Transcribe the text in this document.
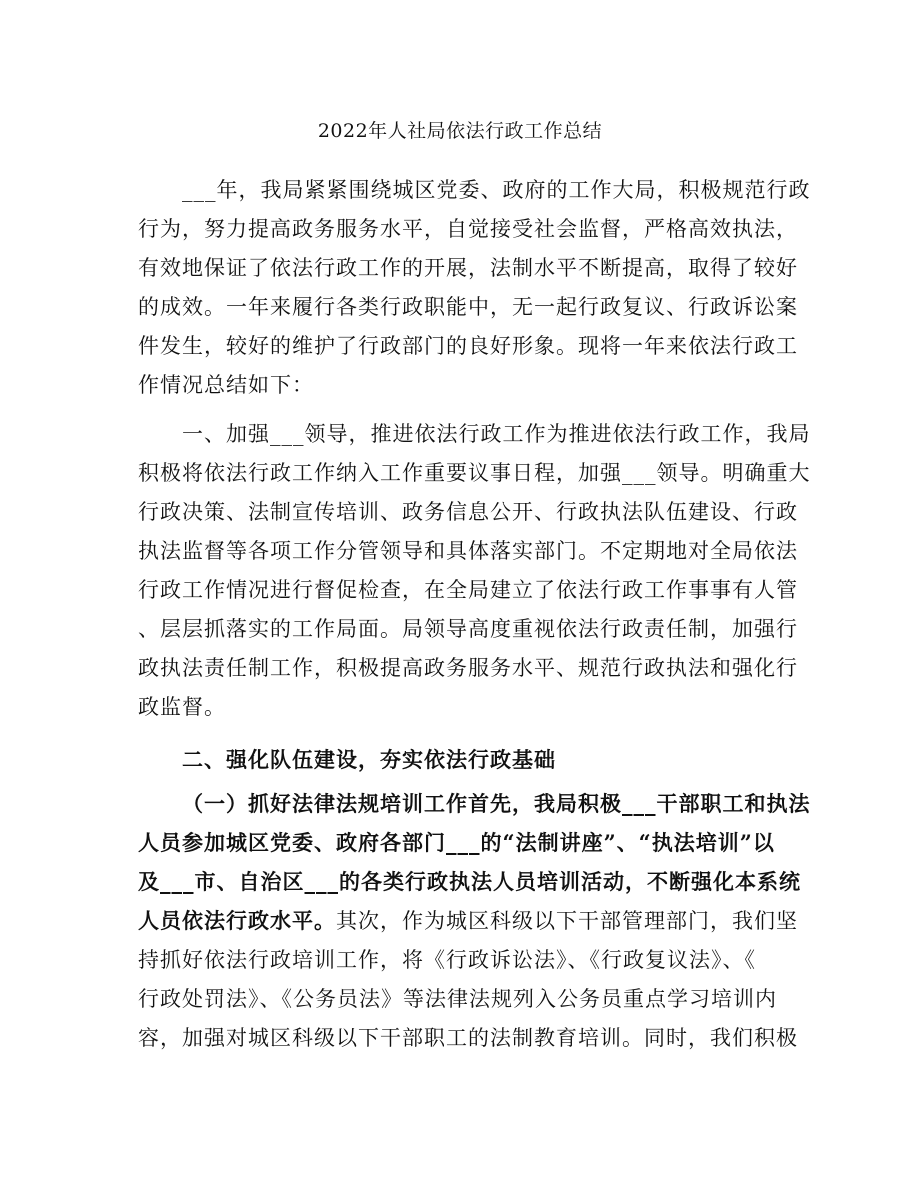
2022年人社局依法行政工作总结
___年，我局紧紧围绕城区党委、政府的工作大局，积极规范行政
行为，努力提高政务服务水平，自觉接受社会监督，严格高效执法，
有效地保证了依法行政工作的开展，法制水平不断提高，取得了较好
的成效。一年来履行各类行政职能中，无一起行政复议、行政诉讼案
件发生，较好的维护了行政部门的良好形象。现将一年来依法行政工
作情况总结如下：
一、加强___领导，推进依法行政工作为推进依法行政工作，我局
积极将依法行政工作纳入工作重要议事日程，加强___领导。明确重大
行政决策、法制宣传培训、政务信息公开、行政执法队伍建设、行政
执法监督等各项工作分管领导和具体落实部门。不定期地对全局依法
行政工作情况进行督促检查，在全局建立了依法行政工作事事有人管
、层层抓落实的工作局面。局领导高度重视依法行政责任制，加强行
政执法责任制工作，积极提高政务服务水平、规范行政执法和强化行
政监督。
二、强化队伍建设，夯实依法行政基础
（一）抓好法律法规培训工作首先，我局积极___干部职工和执法
人员参加城区党委、政府各部门___的“法制讲座”、“执法培训”以
及___市、自治区___的各类行政执法人员培训活动，不断强化本系统
人员依法行政水平。其次，作为城区科级以下干部管理部门，我们坚
持抓好依法行政培训工作，将《行政诉讼法》、《行政复议法》、《
行政处罚法》、《公务员法》等法律法规列入公务员重点学习培训内
容，加强对城区科级以下干部职工的法制教育培训。同时，我们积极
